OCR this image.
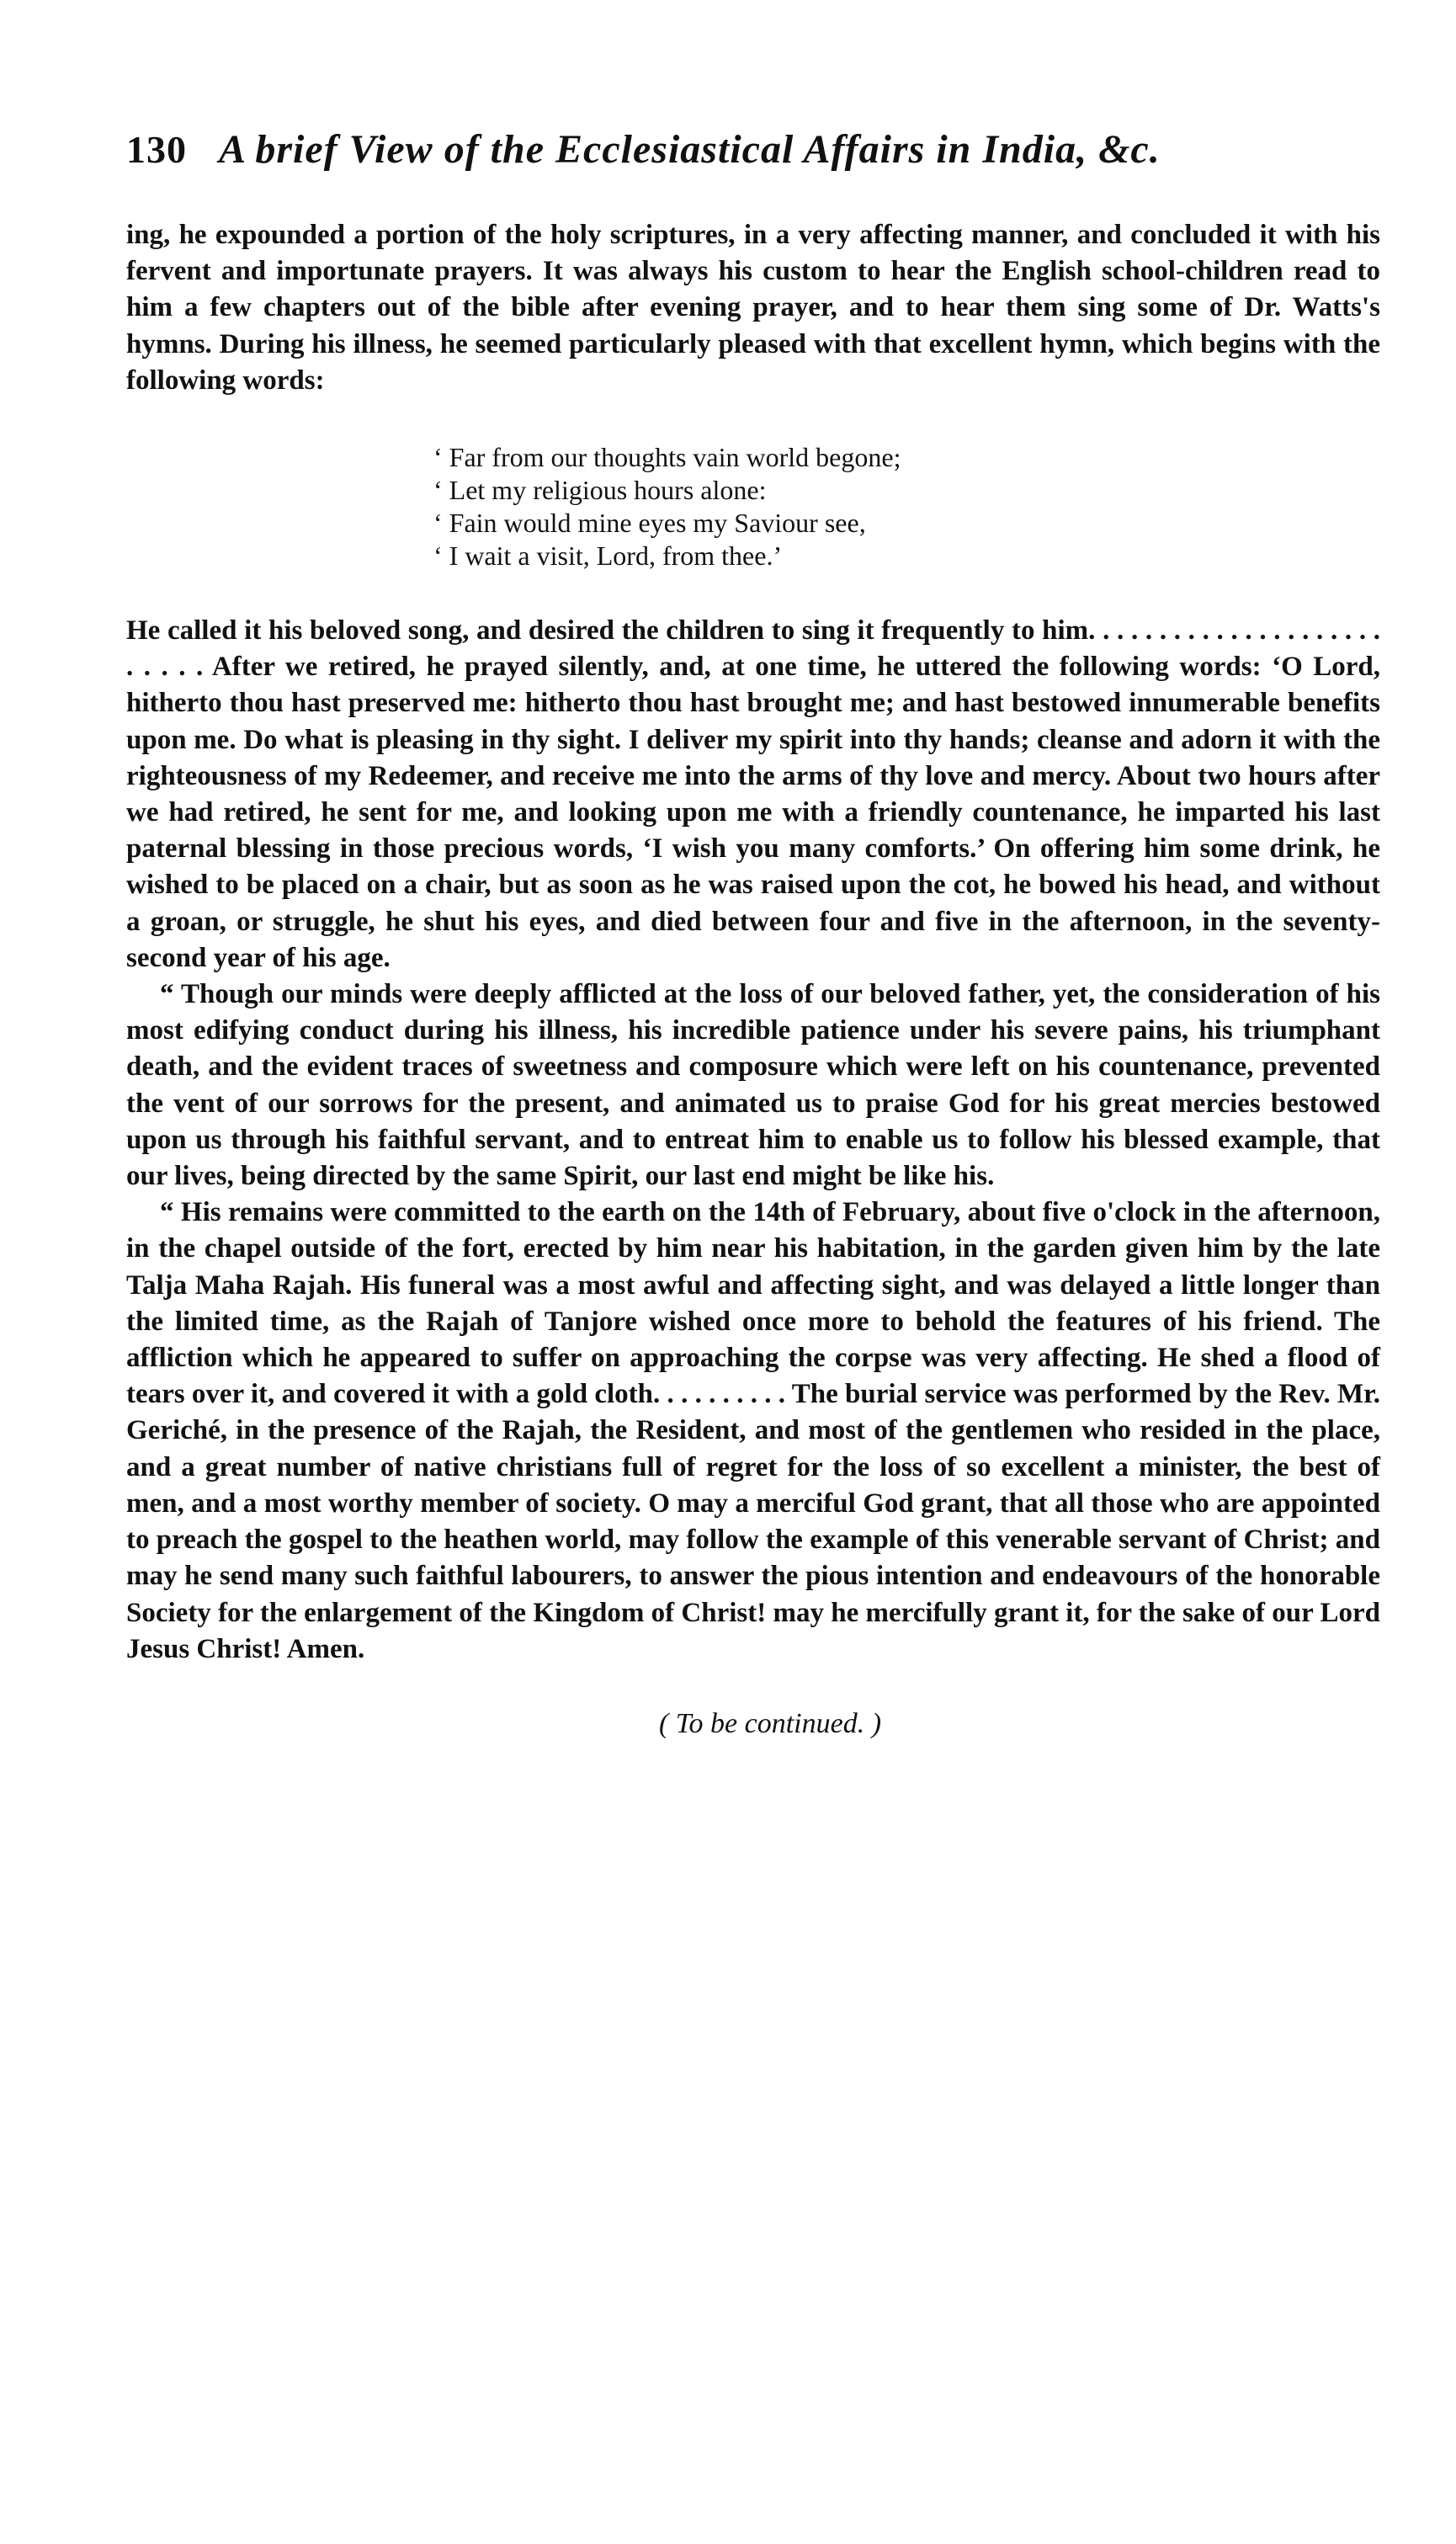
130 A brief View of the Ecclesiastical Affairs in India, &c.

ing, he expounded a portion of the holy scriptures, in a very affecting manner, and concluded it with his fervent and importunate prayers. It was always his custom to hear the English school-children read to him a few chapters out of the bible after evening prayer, and to hear them sing some of Dr. Watts's hymns. During his illness, he seemed particularly pleased with that excellent hymn, which begins with the following words:

‘ Far from our thoughts vain world begone;
‘ Let my religious hours alone:
‘ Fain would mine eyes my Saviour see,
‘ I wait a visit, Lord, from thee.’

He called it his beloved song, and desired the children to sing it frequently to him. . . . . . . . . . . . . . . . . . . . . . . . . . After we retired, he prayed silently, and, at one time, he uttered the following words: ‘O Lord, hitherto thou hast preserved me: hitherto thou hast brought me; and hast bestowed innumerable benefits upon me. Do what is pleasing in thy sight. I deliver my spirit into thy hands; cleanse and adorn it with the righteousness of my Redeemer, and receive me into the arms of thy love and mercy. About two hours after we had retired, he sent for me, and looking upon me with a friendly countenance, he imparted his last paternal blessing in those precious words, ‘I wish you many comforts.’ On offering him some drink, he wished to be placed on a chair, but as soon as he was raised upon the cot, he bowed his head, and without a groan, or struggle, he shut his eyes, and died between four and five in the afternoon, in the seventy-second year of his age.

“ Though our minds were deeply afflicted at the loss of our beloved father, yet, the consideration of his most edifying conduct during his illness, his incredible patience under his severe pains, his triumphant death, and the evident traces of sweetness and composure which were left on his countenance, prevented the vent of our sorrows for the present, and animated us to praise God for his great mercies bestowed upon us through his faithful servant, and to entreat him to enable us to follow his blessed example, that our lives, being directed by the same Spirit, our last end might be like his.

“ His remains were committed to the earth on the 14th of February, about five o'clock in the afternoon, in the chapel outside of the fort, erected by him near his habitation, in the garden given him by the late Talja Maha Rajah. His funeral was a most awful and affecting sight, and was delayed a little longer than the limited time, as the Rajah of Tanjore wished once more to behold the features of his friend. The affliction which he appeared to suffer on approaching the corpse was very affecting. He shed a flood of tears over it, and covered it with a gold cloth. . . . . . . . . . The burial service was performed by the Rev. Mr. Geriché, in the presence of the Rajah, the Resident, and most of the gentlemen who resided in the place, and a great number of native christians full of regret for the loss of so excellent a minister, the best of men, and a most worthy member of society. O may a merciful God grant, that all those who are appointed to preach the gospel to the heathen world, may follow the example of this venerable servant of Christ; and may he send many such faithful labourers, to answer the pious intention and endeavours of the honorable Society for the enlargement of the Kingdom of Christ! may he mercifully grant it, for the sake of our Lord Jesus Christ! Amen.

( To be continued. )
